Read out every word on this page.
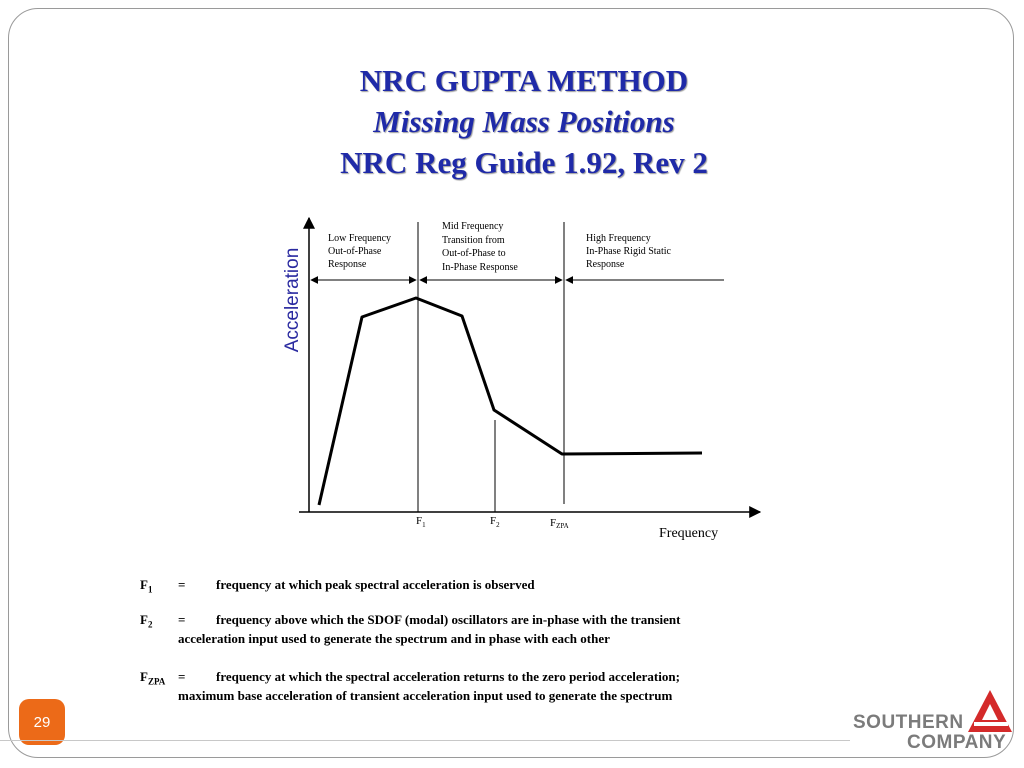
NRC GUPTA METHOD
Missing Mass Positions
NRC Reg Guide 1.92, Rev 2
Acceleration
Frequency
Low Frequency
Out-of-Phase
Response
Mid Frequency
Transition from
Out-of-Phase to
In-Phase Response
High Frequency
In-Phase Rigid Static
Response
$F_1$	$F_2$	FZPA
$F_1$ = frequency at which peak spectral acceleration is observed
$F_2$ = frequency above which the SDOF (modal) oscillators are in-phase with the transient
acceleration input used to generate the spectrum and in phase with each other
$F_{ZPA}$ = frequency at which the spectral acceleration returns to the zero period acceleration;
maximum base acceleration of transient acceleration input used to generate the spectrum
29	SOUTHERN
COMPANY
